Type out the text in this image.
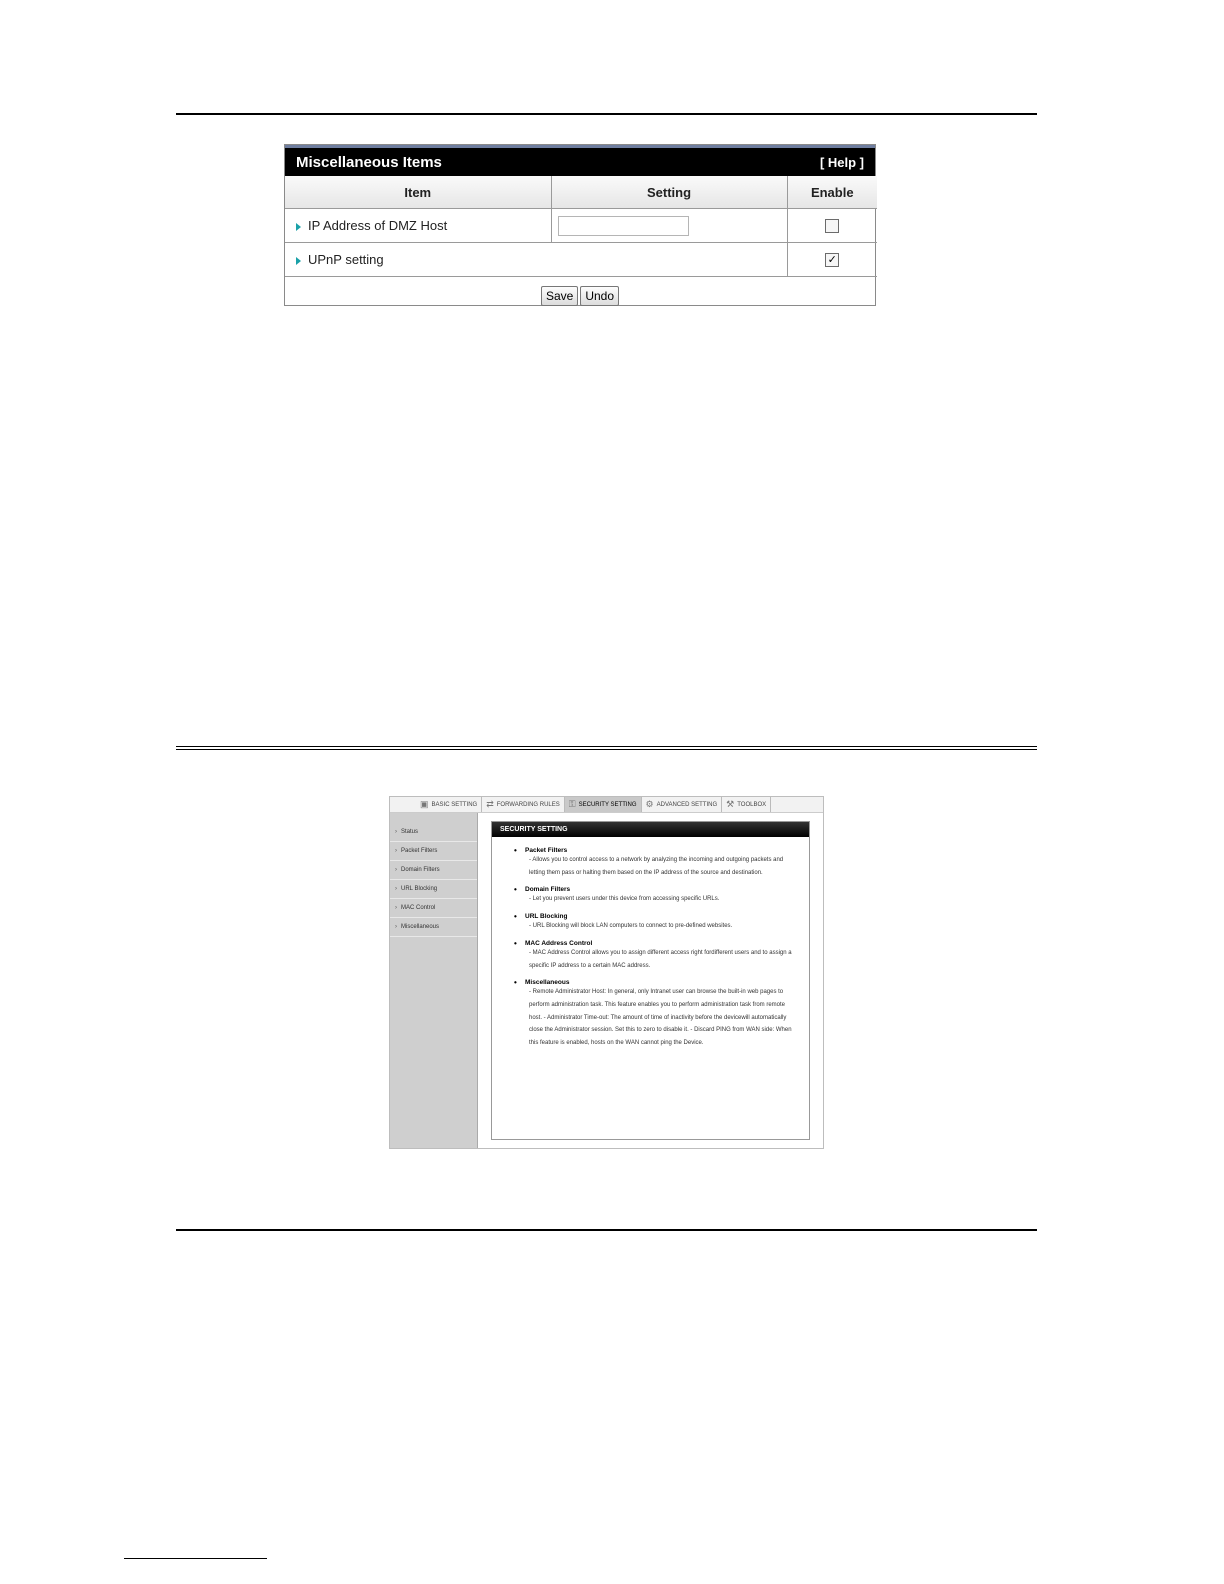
Miscellaneous Items	[ Help ]
Item	Setting	Enable
IP Address of DMZ Host		

UPnP setting		✓
Save	Undo
▣ BASIC SETTING ⇄ FORWARDING RULES ⚿ SECURITY SETTING ⚙ ADVANCED SETTING ⚒ TOOLBOX
› Status
› Packet Filters
› Domain Filters
› URL Blocking
› MAC Control
› Miscellaneous
SECURITY SETTING
• Packet Filters
- Allows you to control access to a network by analyzing the incoming and outgoing packets and letting them pass or halting them based on the IP address of the source and destination.
• Domain Filters
- Let you prevent users under this device from accessing specific URLs.
• URL Blocking
- URL Blocking will block LAN computers to connect to pre-defined websites.
• MAC Address Control
- MAC Address Control allows you to assign different access right fordifferent users and to assign a specific IP address to a certain MAC address.
• Miscellaneous
- Remote Administrator Host: In general, only Intranet user can browse the built-in web pages to perform administration task. This feature enables you to perform administration task from remote host. - Administrator Time-out: The amount of time of inactivity before the devicewill automatically close the Administrator session. Set this to zero to disable it. - Discard PING from WAN side: When this feature is enabled, hosts on the WAN cannot ping the Device.
